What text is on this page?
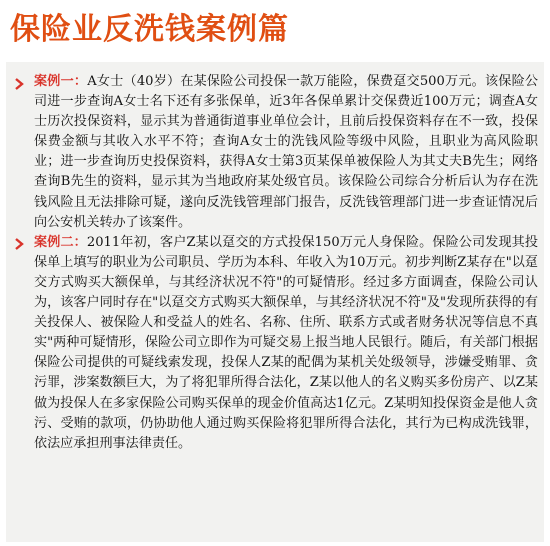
保险业反洗钱案例篇
案例一：A女士（40岁）在某保险公司投保一款万能险，保费趸交500万元。该保险公司进一步查询A女士名下还有多张保单，近3年各保单累计交保费近100万元；调查A女士历次投保资料，显示其为普通街道事业单位会计，且前后投保资料存在不一致，投保保费金额与其收入水平不符；查询A女士的洗钱风险等级中风险，且职业为高风险职业；进一步查询历史投保资料，获得A女士第3页某保单被保险人为其丈夫B先生；网络查询B先生的资料，显示其为当地政府某处级官员。该保险公司综合分析后认为存在洗钱风险且无法排除可疑，遂向反洗钱管理部门报告，反洗钱管理部门进一步查证情况后向公安机关转办了该案件。
案例二：2011年初，客户Z某以趸交的方式投保150万元人身保险。保险公司发现其投保单上填写的职业为公司职员、学历为本科、年收入为10万元。初步判断Z某存在"以趸交方式购买大额保单，与其经济状况不符"的可疑情形。经过多方面调查，保险公司认为，该客户同时存在"以趸交方式购买大额保单，与其经济状况不符"及"发现所获得的有关投保人、被保险人和受益人的姓名、名称、住所、联系方式或者财务状况等信息不真实"两种可疑情形，保险公司立即作为可疑交易上报当地人民银行。随后，有关部门根据保险公司提供的可疑线索发现，投保人Z某的配偶为某机关处级领导，涉嫌受贿罪、贪污罪，涉案数额巨大，为了将犯罪所得合法化，Z某以他人的名义购买多份房产、以Z某做为投保人在多家保险公司购买保单的现金价值高达1亿元。Z某明知投保资金是他人贪污、受贿的款项，仍协助他人通过购买保险将犯罪所得合法化，其行为已构成洗钱罪，依法应承担刑事法律责任。
